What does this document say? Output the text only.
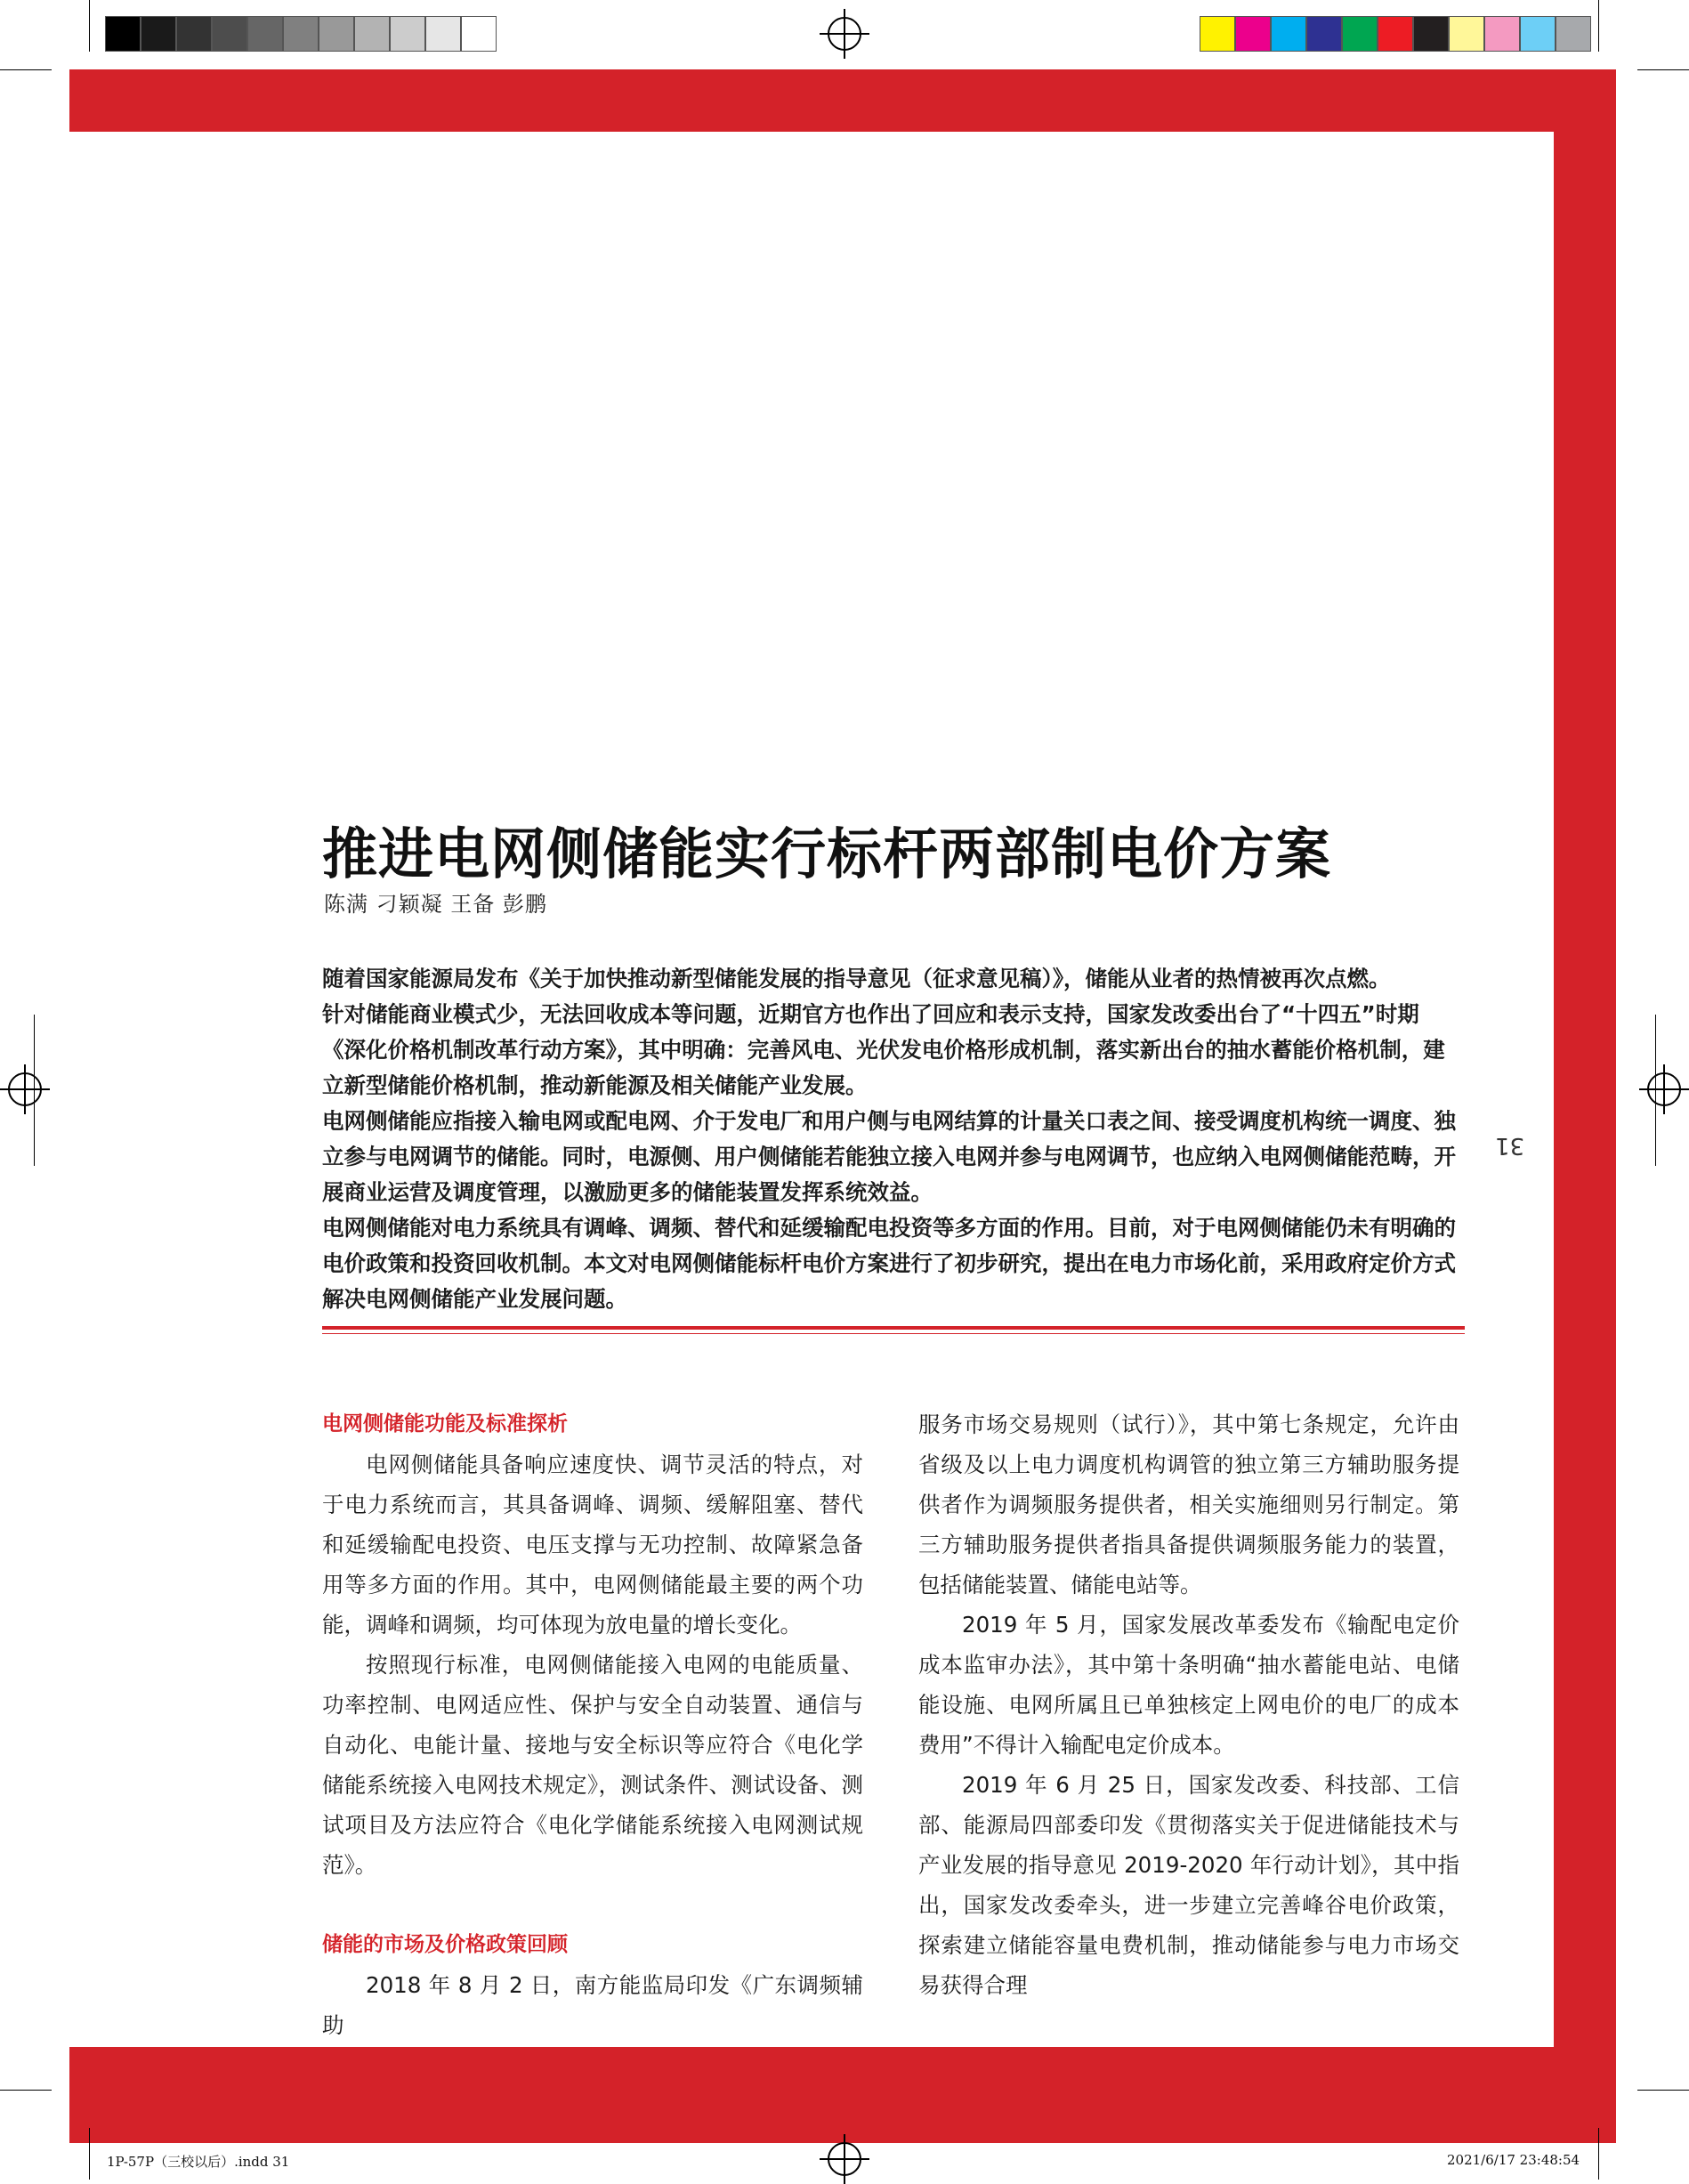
推进电网侧储能实行标杆两部制电价方案
陈满 刁颖凝 王备 彭鹏

随着国家能源局发布《关于加快推动新型储能发展的指导意见（征求意见稿）》，储能从业者的热情被再次点燃。

针对储能商业模式少，无法回收成本等问题，近期官方也作出了回应和表示支持，国家发改委出台了“十四五”时期《深化价格机制改革行动方案》，其中明确：完善风电、光伏发电价格形成机制，落实新出台的抽水蓄能价格机制，建立新型储能价格机制，推动新能源及相关储能产业发展。

电网侧储能应指接入输电网或配电网、介于发电厂和用户侧与电网结算的计量关口表之间、接受调度机构统一调度、独立参与电网调节的储能。同时，电源侧、用户侧储能若能独立接入电网并参与电网调节，也应纳入电网侧储能范畴，开展商业运营及调度管理，以激励更多的储能装置发挥系统效益。

电网侧储能对电力系统具有调峰、调频、替代和延缓输配电投资等多方面的作用。目前，对于电网侧储能仍未有明确的电价政策和投资回收机制。本文对电网侧储能标杆电价方案进行了初步研究，提出在电力市场化前，采用政府定价方式解决电网侧储能产业发展问题。

31

电网侧储能功能及标准探析

电网侧储能具备响应速度快、调节灵活的特点，对于电力系统而言，其具备调峰、调频、缓解阻塞、替代和延缓输配电投资、电压支撑与无功控制、故障紧急备用等多方面的作用。其中，电网侧储能最主要的两个功能，调峰和调频，均可体现为放电量的增长变化。

按照现行标准，电网侧储能接入电网的电能质量、功率控制、电网适应性、保护与安全自动装置、通信与自动化、电能计量、接地与安全标识等应符合《电化学储能系统接入电网技术规定》，测试条件、测试设备、测试项目及方法应符合《电化学储能系统接入电网测试规范》。

储能的市场及价格政策回顾

2018 年 8 月 2 日，南方能监局印发《广东调频辅助

服务市场交易规则（试行）》，其中第七条规定，允许由省级及以上电力调度机构调管的独立第三方辅助服务提供者作为调频服务提供者，相关实施细则另行制定。第三方辅助服务提供者指具备提供调频服务能力的装置，包括储能装置、储能电站等。

2019 年 5 月，国家发展改革委发布《输配电定价成本监审办法》，其中第十条明确“抽水蓄能电站、电储能设施、电网所属且已单独核定上网电价的电厂的成本费用”不得计入输配电定价成本。

2019 年 6 月 25 日，国家发改委、科技部、工信部、能源局四部委印发《贯彻落实关于促进储能技术与产业发展的指导意见 2019-2020 年行动计划》，其中指出，国家发改委牵头，进一步建立完善峰谷电价政策，探索建立储能容量电费机制，推动储能参与电力市场交易获得合理

1P-57P（三校以后）.indd 31	2021/6/17 23:48:54
